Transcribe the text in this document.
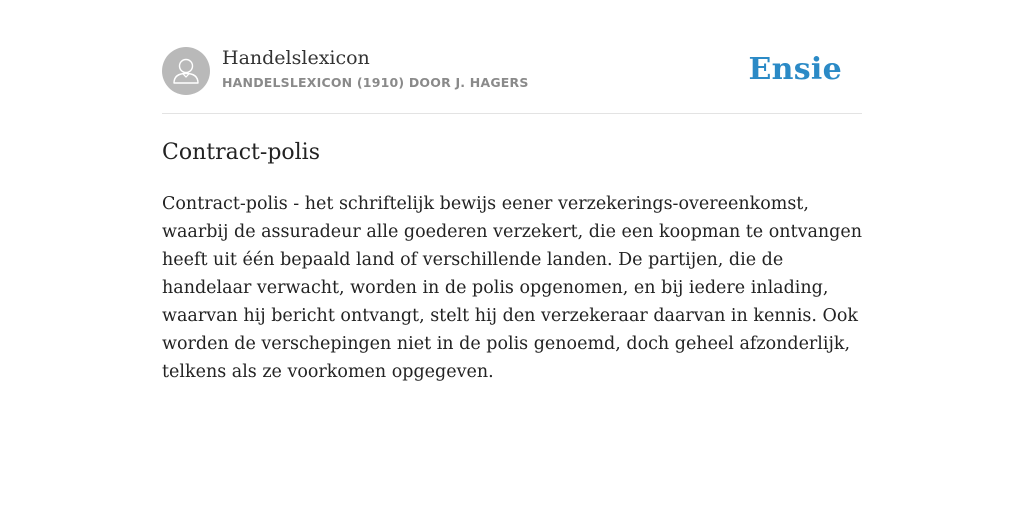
Handelslexicon
HANDELSLEXICON (1910) DOOR J. HAGERS	Ensie
Contract-polis

Contract-polis - het schriftelijk bewijs eener verzekerings-overeenkomst, waarbij de assuradeur alle goederen verzekert, die een koopman te ontvangen heeft uit één bepaald land of verschillende landen. De partijen, die de handelaar verwacht, worden in de polis opgenomen, en bij iedere inlading, waarvan hij bericht ontvangt, stelt hij den verzekeraar daarvan in kennis. Ook worden de verschepingen niet in de polis genoemd, doch geheel afzonderlijk, telkens als ze voorkomen opgegeven.
